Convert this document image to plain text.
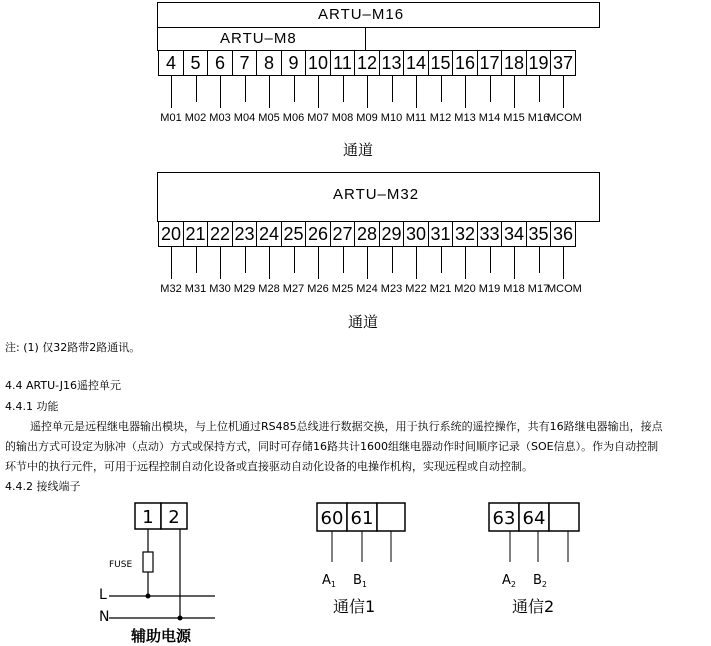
ARTU–M16
ARTU–M8
4 5 6 7 8 9 10 11 12 13 14 15 16 17 18 19 37
M01 M02 M03 M04 M05 M06 M07 M08 M09 M10 M11 M12 M13 M14 M15 M16
MCOM
通道
ARTU–M32
20 21 22 23 24 25 26 27 28 29 30 31 32 33 34 35 36
M32 M31 M30 M29 M28 M27 M26 M25 M24 M23 M22 M21 M20 M19 M18 M17
MCOM
通道
注: (1) 仅32路带2路通讯。
4.4 ARTU-J16遥控单元
4.4.1 功能
遥控单元是远程继电器输出模块，与上位机通过RS485总线进行数据交换，用于执行系统的遥控操作，共有16路继电器输出，接点
的输出方式可设定为脉冲（点动）方式或保持方式，同时可存储16路共计1600组继电器动作时间顺序记录（SOE信息）。作为自动控制
环节中的执行元件，可用于远程控制自动化设备或直接驱动自动化设备的电操作机构，实现远程或自动控制。
4.4.2 接线端子
1 2
FUSE
L
N
辅助电源
60 61
$A_1$ $B_1$
通信1
63 64
$A_2$ $B_2$
通信2
